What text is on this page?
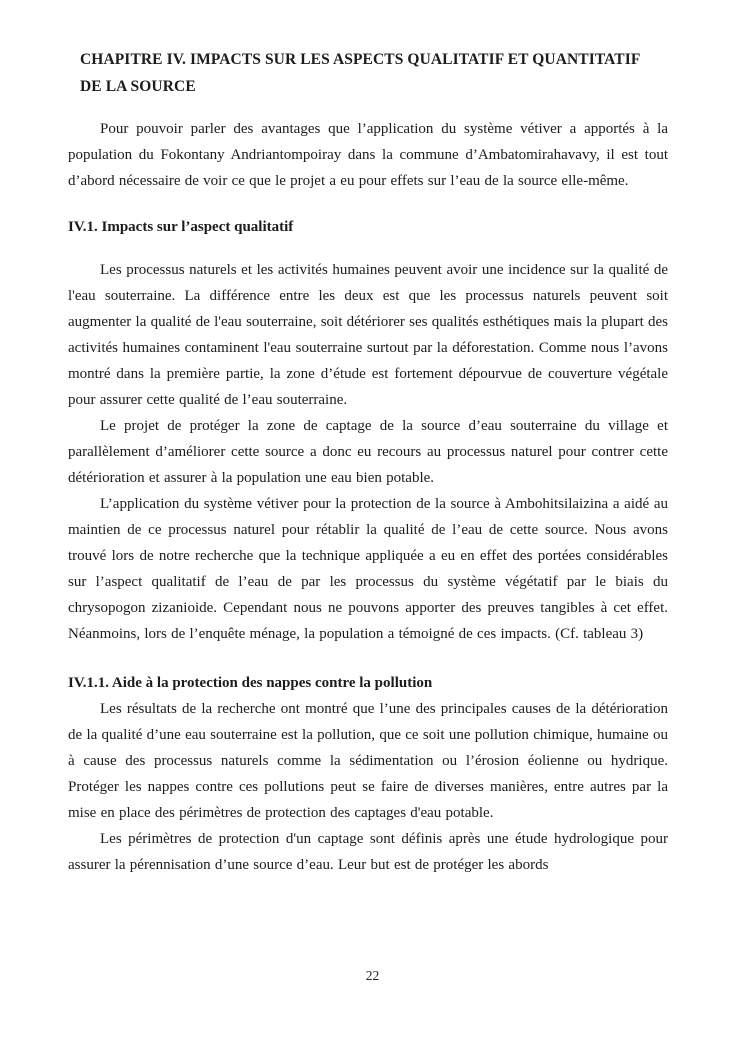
CHAPITRE IV. IMPACTS SUR LES ASPECTS QUALITATIF ET QUANTITATIF
DE LA SOURCE

Pour pouvoir parler des avantages que l’application du système vétiver a apportés à la population du Fokontany Andriantompoiray dans la commune d’Ambatomirahavavy, il est tout d’abord nécessaire de voir ce que le projet a eu pour effets sur l’eau de la source elle-même.

IV.1. Impacts sur l’aspect qualitatif

Les processus naturels et les activités humaines peuvent avoir une incidence sur la qualité de l'eau souterraine. La différence entre les deux est que les processus naturels peuvent soit augmenter la qualité de l'eau souterraine, soit détériorer ses qualités esthétiques mais la plupart des activités humaines contaminent l'eau souterraine surtout par la déforestation. Comme nous l’avons montré dans la première partie, la zone d’étude est fortement dépourvue de couverture végétale pour assurer cette qualité de l’eau souterraine.

Le projet de protéger la zone de captage de la source d’eau souterraine du village et parallèlement d’améliorer cette source a donc eu recours au processus naturel pour contrer cette détérioration et assurer à la population une eau bien potable.

L’application du système vétiver pour la protection de la source à Ambohitsilaizina a aidé au maintien de ce processus naturel pour rétablir la qualité de l’eau de cette source. Nous avons trouvé lors de notre recherche que la technique appliquée a eu en effet des portées considérables sur l’aspect qualitatif de l’eau de par les processus du système végétatif par le biais du chrysopogon zizanioide. Cependant nous ne pouvons apporter des preuves tangibles à cet effet. Néanmoins, lors de l’enquête ménage, la population a témoigné de ces impacts. (Cf. tableau 3)

IV.1.1. Aide à la protection des nappes contre la pollution

Les résultats de la recherche ont montré que l’une des principales causes de la détérioration de la qualité d’une eau souterraine est la pollution, que ce soit une pollution chimique, humaine ou à cause des processus naturels comme la sédimentation ou l’érosion éolienne ou hydrique. Protéger les nappes contre ces pollutions peut se faire de diverses manières, entre autres par la mise en place des périmètres de protection des captages d'eau potable.

Les périmètres de protection d'un captage sont définis après une étude hydrologique pour assurer la pérennisation d’une source d’eau. Leur but est de protéger les abords

22
